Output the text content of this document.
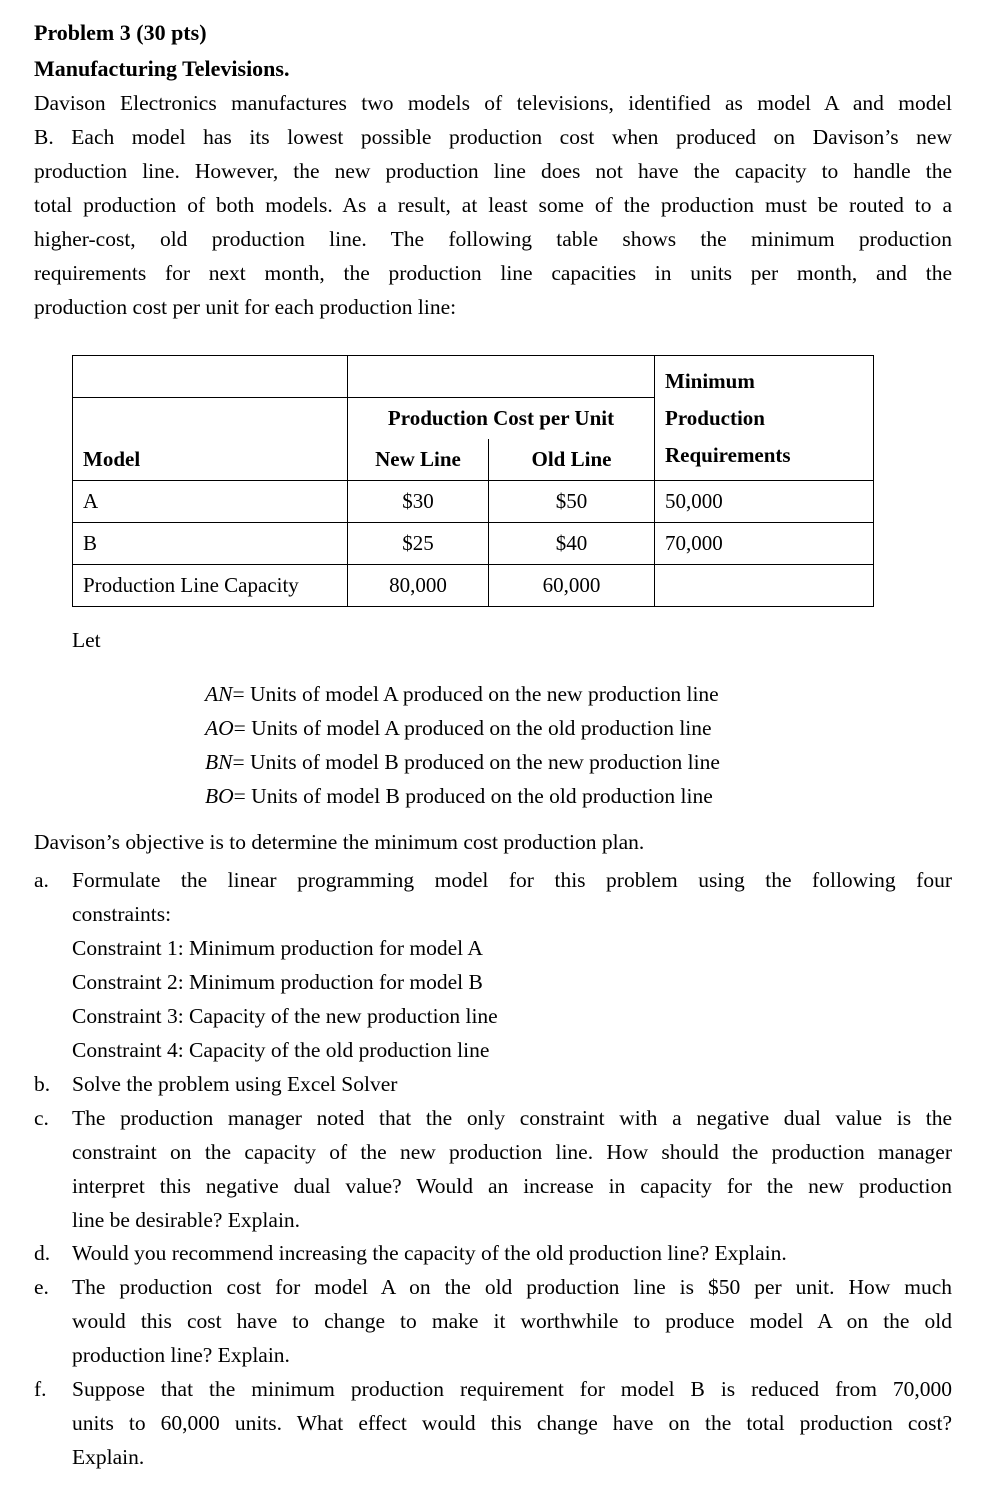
Problem 3 (30 pts)
Manufacturing Televisions.
Davison Electronics manufactures two models of televisions, identified as model A and model
B. Each model has its lowest possible production cost when produced on Davison’s new
production line. However, the new production line does not have the capacity to handle the
total production of both models. As a result, at least some of the production must be routed to a
higher-cost, old production line. The following table shows the minimum production
requirements for next month, the production line capacities in units per month, and the
production cost per unit for each production line:

			Minimum
Production
Requirements

	Production Cost per Unit		
Model	New Line	Old Line	
A	$30	$50	50,000
B	$25	$40	70,000
Production Line Capacity	80,000	60,000	
Let
AN= Units of model A produced on the new production line
AO= Units of model A produced on the old production line
BN= Units of model B produced on the new production line
BO= Units of model B produced on the old production line
Davison’s objective is to determine the minimum cost production plan.
a.	Formulate the linear programming model for this problem using the following four
constraints:
Constraint 1: Minimum production for model A
Constraint 2: Minimum production for model B
Constraint 3: Capacity of the new production line
Constraint 4: Capacity of the old production line
b.	Solve the problem using Excel Solver
c.	The production manager noted that the only constraint with a negative dual value is the
constraint on the capacity of the new production line. How should the production manager
interpret this negative dual value? Would an increase in capacity for the new production
line be desirable? Explain.
d.	Would you recommend increasing the capacity of the old production line? Explain.
e.	The production cost for model A on the old production line is $50 per unit. How much
would this cost have to change to make it worthwhile to produce model A on the old
production line? Explain.
f.	Suppose that the minimum production requirement for model B is reduced from 70,000
units to 60,000 units. What effect would this change have on the total production cost?
Explain.
